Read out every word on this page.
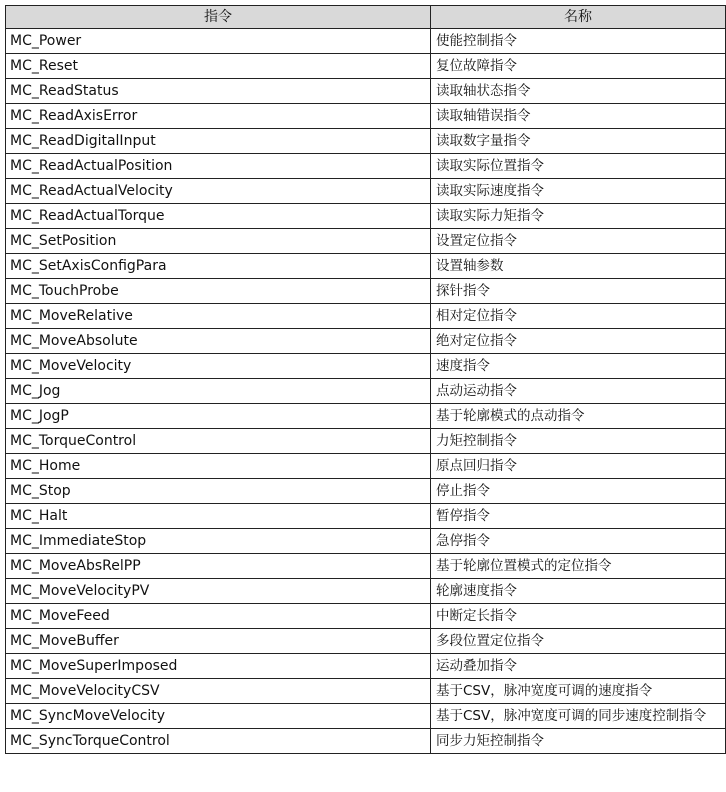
指令	名称
MC_Power	使能控制指令
MC_Reset	复位故障指令
MC_ReadStatus	读取轴状态指令
MC_ReadAxisError	读取轴错误指令
MC_ReadDigitalInput	读取数字量指令
MC_ReadActualPosition	读取实际位置指令
MC_ReadActualVelocity	读取实际速度指令
MC_ReadActualTorque	读取实际力矩指令
MC_SetPosition	设置定位指令
MC_SetAxisConfigPara	设置轴参数
MC_TouchProbe	探针指令
MC_MoveRelative	相对定位指令
MC_MoveAbsolute	绝对定位指令
MC_MoveVelocity	速度指令
MC_Jog	点动运动指令
MC_JogP	基于轮廓模式的点动指令
MC_TorqueControl	力矩控制指令
MC_Home	原点回归指令
MC_Stop	停止指令
MC_Halt	暂停指令
MC_ImmediateStop	急停指令
MC_MoveAbsRelPP	基于轮廓位置模式的定位指令
MC_MoveVelocityPV	轮廓速度指令
MC_MoveFeed	中断定长指令
MC_MoveBuffer	多段位置定位指令
MC_MoveSuperImposed	运动叠加指令
MC_MoveVelocityCSV	基于CSV，脉冲宽度可调的速度指令
MC_SyncMoveVelocity	基于CSV，脉冲宽度可调的同步速度控制指令
MC_SyncTorqueControl	同步力矩控制指令
